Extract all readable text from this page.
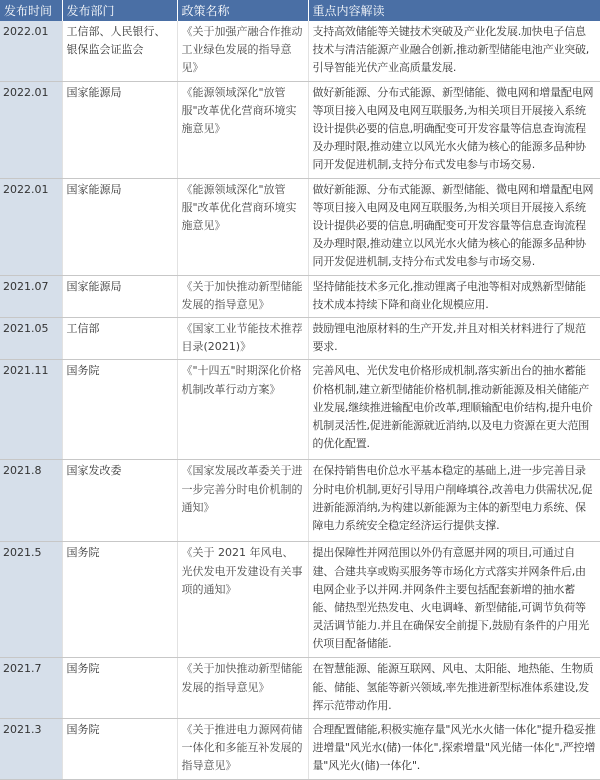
发布时间	发布部门	政策名称	重点内容解读
2022.01	工信部、人民银行、银保监会证监会	《关于加强产融合作推动工业绿色发展的指导意见》	支持高效储能等关键技术突破及产业化发展.加快电子信息技术与清洁能源产业融合创新,推动新型储能电池产业突破,引导智能光伏产业高质量发展.
2022.01	国家能源局	《能源领域深化"放管服"改革优化营商环境实施意见》	做好新能源、分布式能源、新型储能、微电网和增量配电网等项目接入电网及电网互联服务,为相关项目开展接入系统设计提供必要的信息,明确配变可开发容量等信息查询流程及办理时限,推动建立以风光水火储为核心的能源多品种协同开发促进机制,支持分布式发电参与市场交易.
2022.01	国家能源局	《能源领域深化"放管服"改革优化营商环境实施意见》	做好新能源、分布式能源、新型储能、微电网和增量配电网等项目接入电网及电网互联服务,为相关项目开展接入系统设计提供必要的信息,明确配变可开发容量等信息查询流程及办理时限,推动建立以风光水火储为核心的能源多品种协同开发促进机制,支持分布式发电参与市场交易.
2021.07	国家能源局	《关于加快推动新型储能发展的指导意见》	坚持储能技术多元化,推动锂离子电池等相对成熟新型储能技术成本持续下降和商业化规模应用.
2021.05	工信部	《国家工业节能技术推荐目录(2021)》	鼓励锂电池原材料的生产开发,并且对相关材料进行了规范要求.
2021.11	国务院	《"十四五"时期深化价格机制改革行动方案》	完善风电、光伏发电价格形成机制,落实新出台的抽水蓄能价格机制,建立新型储能价格机制,推动新能源及相关储能产业发展,继续推进输配电价改革,理顺输配电价结构,提升电价机制灵活性,促进新能源就近消纳,以及电力资源在更大范围的优化配置.
2021.8	国家发改委	《国家发展改革委关于进一步完善分时电价机制的通知》	在保持销售电价总水平基本稳定的基础上,进一步完善目录分时电价机制,更好引导用户削峰填谷,改善电力供需状况,促进新能源消纳,为构建以新能源为主体的新型电力系统、保障电力系统安全稳定经济运行提供支撑.
2021.5	国务院	《关于 2021 年风电、光伏发电开发建设有关事项的通知》	提出保障性并网范围以外仍有意愿并网的项目,可通过自建、合建共享或购买服务等市场化方式落实并网条件后,由电网企业予以并网.并网条件主要包括配套新增的抽水蓄能、储热型光热发电、火电调峰、新型储能,可调节负荷等灵活调节能力.并且在确保安全前提下,鼓励有条件的户用光伏项目配备储能.
2021.7	国务院	《关于加快推动新型储能发展的指导意见》	在智慧能源、能源互联网、风电、太阳能、地热能、生物质能、储能、氢能等新兴领域,率先推进新型标准体系建设,发挥示范带动作用.
2021.3	国务院	《关于推进电力源网荷储一体化和多能互补发展的指导意见》	合理配置储能,积极实施存量"风光水火储一体化"提升稳妥推进增量"风光水(储)一体化",探索增量"风光储一体化",严控增量"风光火(储)一体化".
